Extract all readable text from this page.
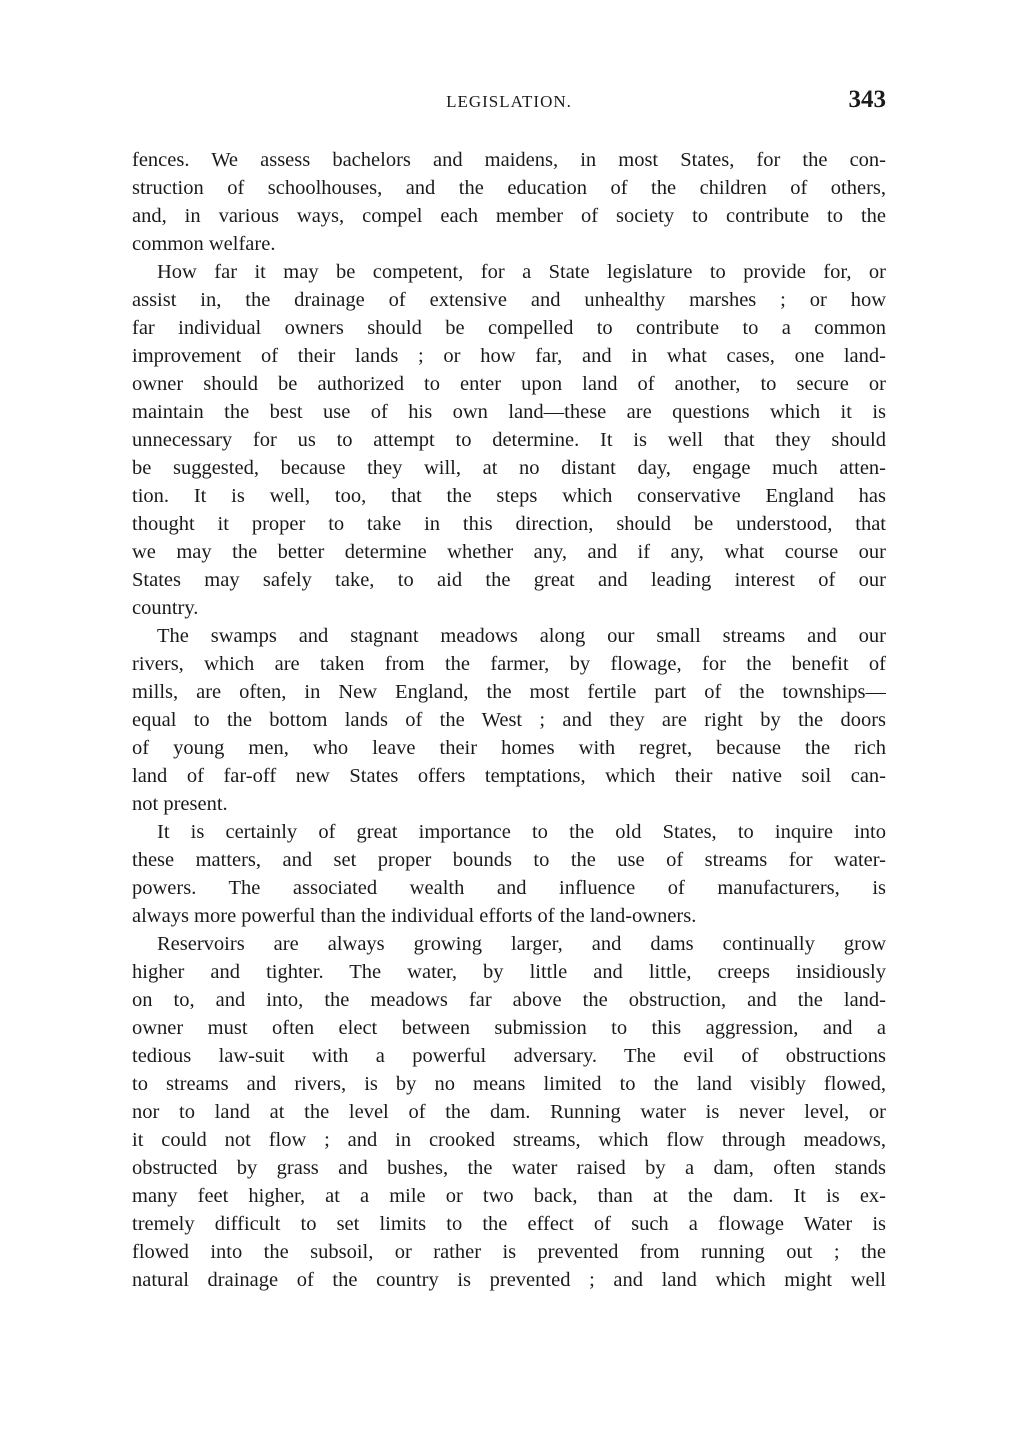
LEGISLATION.	343
fences. We assess bachelors and maidens, in most States, for the con-
struction of schoolhouses, and the education of the children of others,
and, in various ways, compel each member of society to contribute to the
common welfare.
How far it may be competent, for a State legislature to provide for, or
assist in, the drainage of extensive and unhealthy marshes ; or how
far individual owners should be compelled to contribute to a common
improvement of their lands ; or how far, and in what cases, one land-
owner should be authorized to enter upon land of another, to secure or
maintain the best use of his own land—these are questions which it is
unnecessary for us to attempt to determine. It is well that they should
be suggested, because they will, at no distant day, engage much atten-
tion. It is well, too, that the steps which conservative England has
thought it proper to take in this direction, should be understood, that
we may the better determine whether any, and if any, what course our
States may safely take, to aid the great and leading interest of our
country.
The swamps and stagnant meadows along our small streams and our
rivers, which are taken from the farmer, by flowage, for the benefit of
mills, are often, in New England, the most fertile part of the townships—
equal to the bottom lands of the West ; and they are right by the doors
of young men, who leave their homes with regret, because the rich
land of far-off new States offers temptations, which their native soil can-
not present.
It is certainly of great importance to the old States, to inquire into
these matters, and set proper bounds to the use of streams for water-
powers. The associated wealth and influence of manufacturers, is
always more powerful than the individual efforts of the land-owners.
Reservoirs are always growing larger, and dams continually grow
higher and tighter. The water, by little and little, creeps insidiously
on to, and into, the meadows far above the obstruction, and the land-
owner must often elect between submission to this aggression, and a
tedious law-suit with a powerful adversary. The evil of obstructions
to streams and rivers, is by no means limited to the land visibly flowed,
nor to land at the level of the dam. Running water is never level, or
it could not flow ; and in crooked streams, which flow through meadows,
obstructed by grass and bushes, the water raised by a dam, often stands
many feet higher, at a mile or two back, than at the dam. It is ex-
tremely difficult to set limits to the effect of such a flowage Water is
flowed into the subsoil, or rather is prevented from running out ; the
natural drainage of the country is prevented ; and land which might well
